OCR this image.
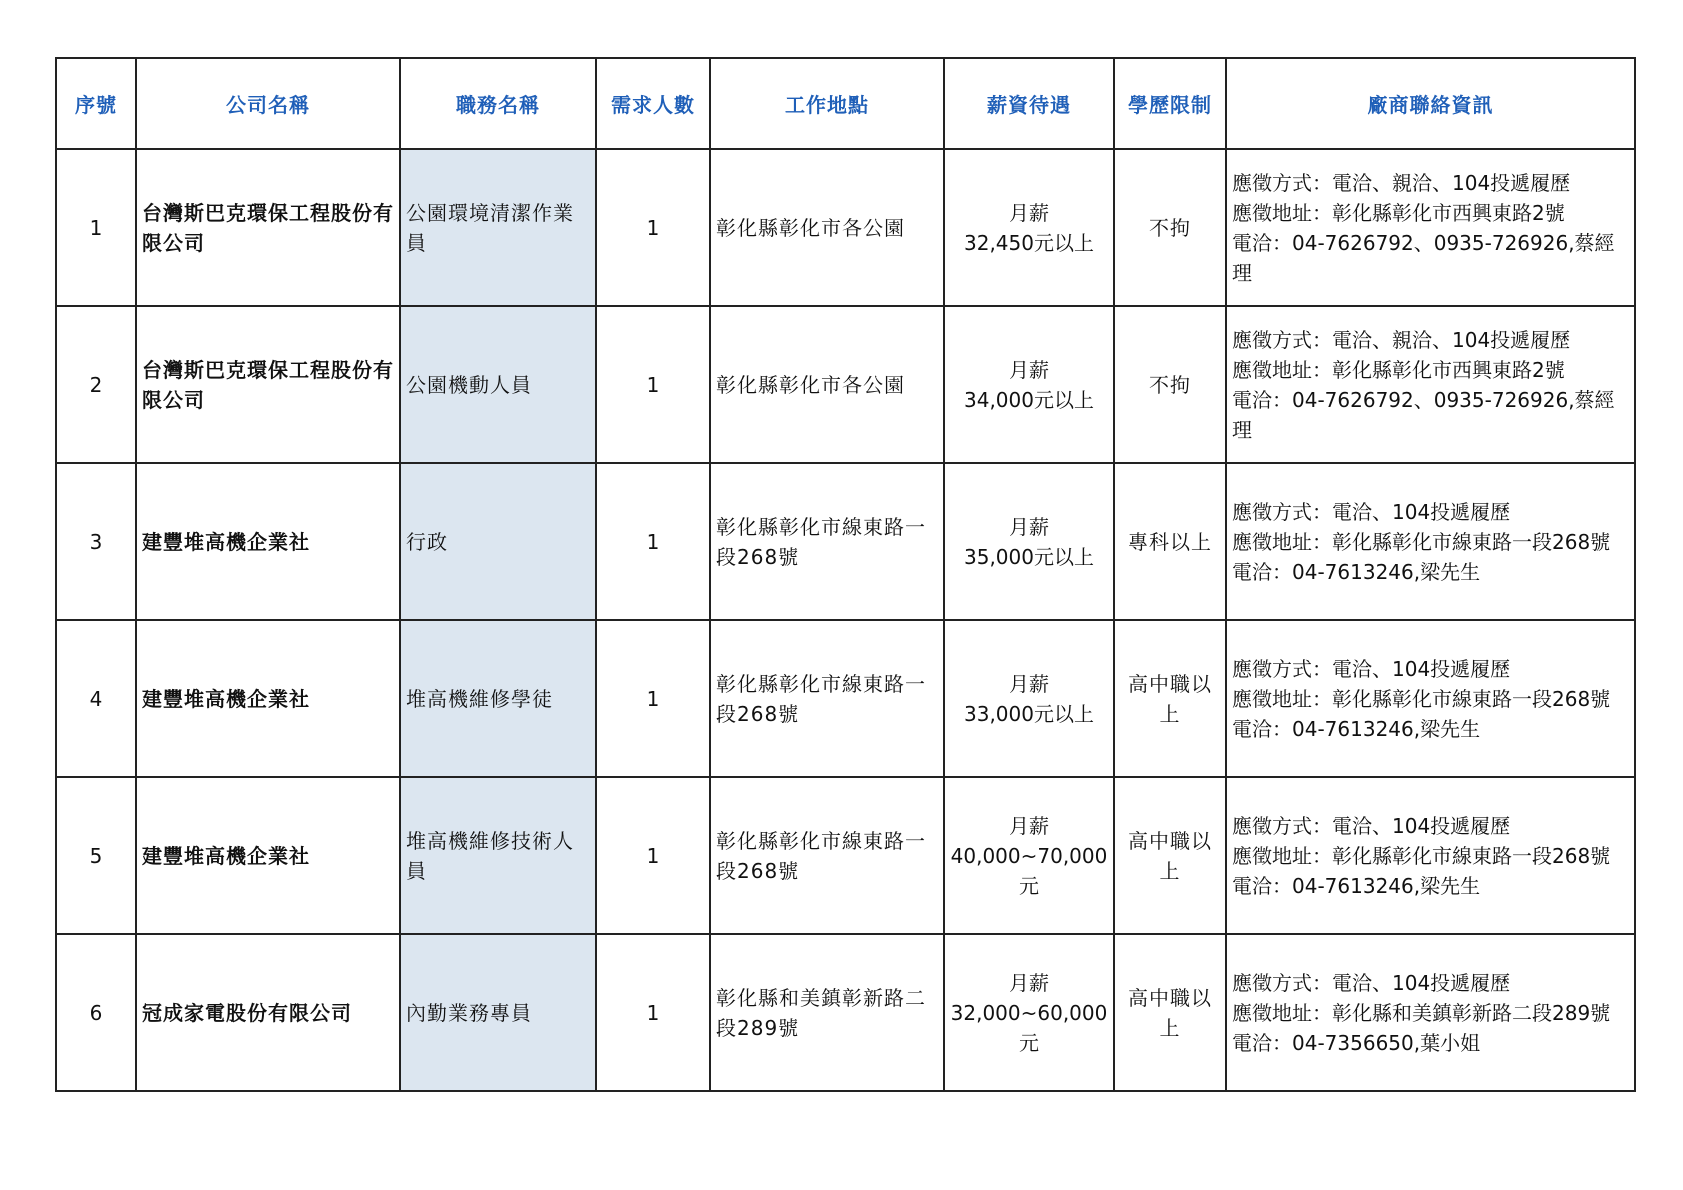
序號	公司名稱	職務名稱	需求人數	工作地點	薪資待遇	學歷限制	廠商聯絡資訊
1	台灣斯巴克環保工程股份有限公司	公園環境清潔作業員	1	彰化縣彰化市各公園	月薪
32,450元以上	不拘	應徵方式：電洽、親洽、104投遞履歷
應徵地址：彰化縣彰化市西興東路2號
電洽：04-7626792、0935-726926,蔡經理

2	台灣斯巴克環保工程股份有限公司	公園機動人員	1	彰化縣彰化市各公園	月薪
34,000元以上	不拘	應徵方式：電洽、親洽、104投遞履歷
應徵地址：彰化縣彰化市西興東路2號
電洽：04-7626792、0935-726926,蔡經理

3	建豐堆高機企業社	行政	1	彰化縣彰化市線東路一段268號	月薪
35,000元以上	專科以上	應徵方式：電洽、104投遞履歷
應徵地址：彰化縣彰化市線東路一段268號
電洽：04-7613246,梁先生

4	建豐堆高機企業社	堆高機維修學徒	1	彰化縣彰化市線東路一段268號	月薪
33,000元以上	高中職以上	應徵方式：電洽、104投遞履歷
應徵地址：彰化縣彰化市線東路一段268號
電洽：04-7613246,梁先生

5	建豐堆高機企業社	堆高機維修技術人員	1	彰化縣彰化市線東路一段268號	月薪
40,000~70,000元	高中職以上	應徵方式：電洽、104投遞履歷
應徵地址：彰化縣彰化市線東路一段268號
電洽：04-7613246,梁先生

6	冠成家電股份有限公司	內勤業務專員	1	彰化縣和美鎮彰新路二段289號	月薪
32,000~60,000元	高中職以上	應徵方式：電洽、104投遞履歷
應徵地址：彰化縣和美鎮彰新路二段289號
電洽：04-7356650,葉小姐
